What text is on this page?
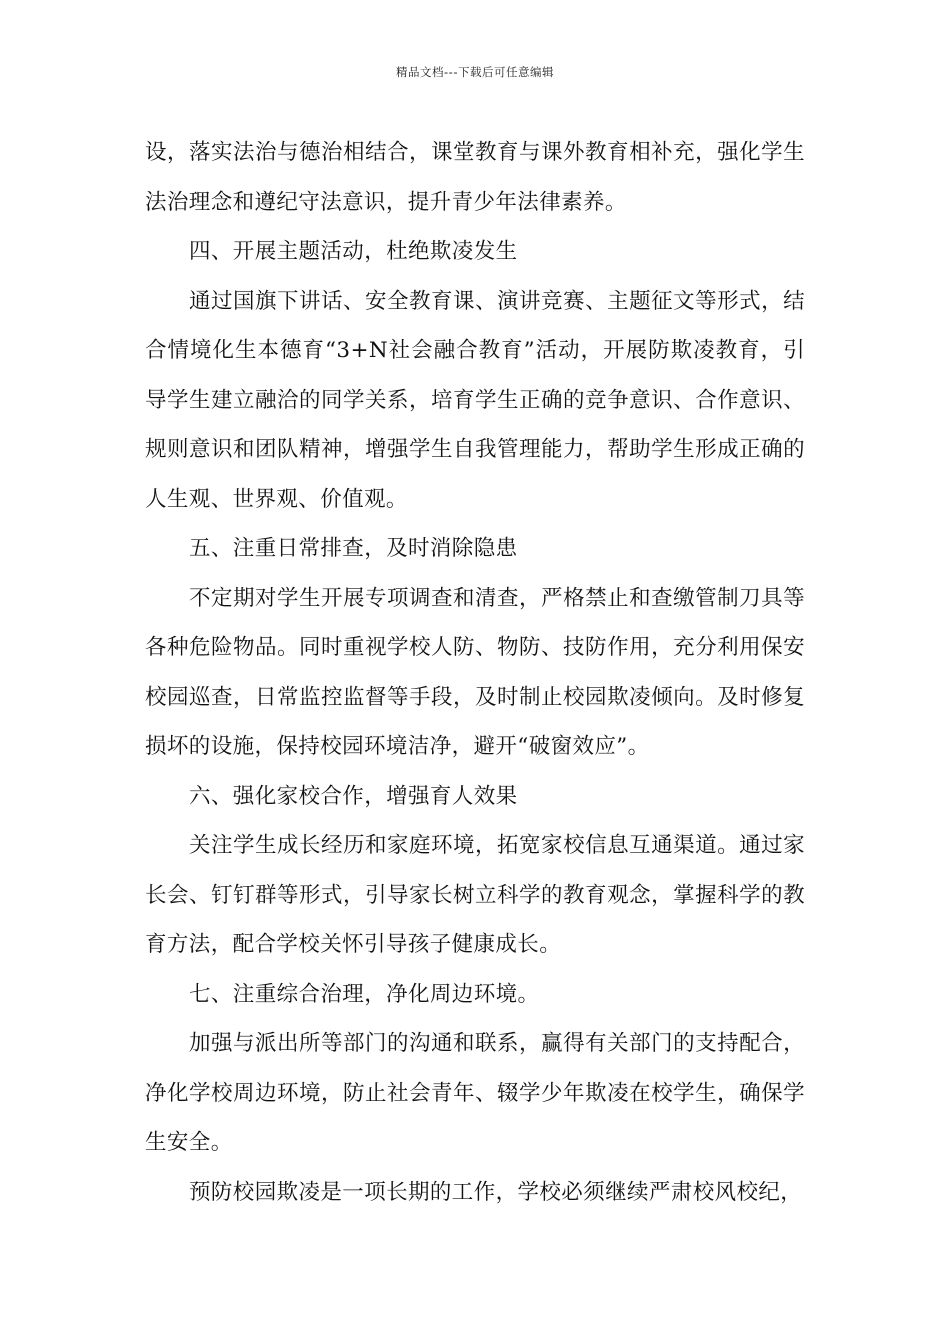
精品文档---下载后可任意编辑

设，落实法治与德治相结合，课堂教育与课外教育相补充，强化学生法治理念和遵纪守法意识，提升青少年法律素养。

四、开展主题活动，杜绝欺凌发生

通过国旗下讲话、安全教育课、演讲竞赛、主题征文等形式，结合情境化生本德育“3+N社会融合教育”活动，开展防欺凌教育，引导学生建立融洽的同学关系，培育学生正确的竞争意识、合作意识、规则意识和团队精神，增强学生自我管理能力，帮助学生形成正确的人生观、世界观、价值观。

五、注重日常排查，及时消除隐患

不定期对学生开展专项调查和清查，严格禁止和查缴管制刀具等各种危险物品。同时重视学校人防、物防、技防作用，充分利用保安校园巡查，日常监控监督等手段，及时制止校园欺凌倾向。及时修复损坏的设施，保持校园环境洁净，避开“破窗效应”。

六、强化家校合作，增强育人效果

关注学生成长经历和家庭环境，拓宽家校信息互通渠道。通过家长会、钉钉群等形式，引导家长树立科学的教育观念，掌握科学的教育方法，配合学校关怀引导孩子健康成长。

七、注重综合治理，净化周边环境。

加强与派出所等部门的沟通和联系，赢得有关部门的支持配合，净化学校周边环境，防止社会青年、辍学少年欺凌在校学生，确保学生安全。

预防校园欺凌是一项长期的工作，学校必须继续严肃校风校纪，
